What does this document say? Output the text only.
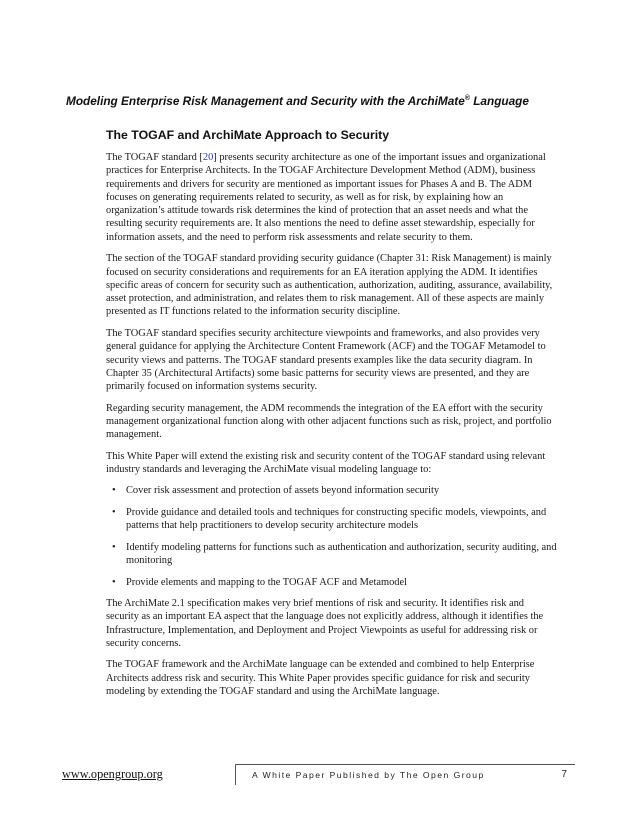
Modeling Enterprise Risk Management and Security with the ArchiMate® Language
The TOGAF and ArchiMate Approach to Security

The TOGAF standard [20] presents security architecture as one of the important issues and organizational practices for Enterprise Architects. In the TOGAF Architecture Development Method (ADM), business requirements and drivers for security are mentioned as important issues for Phases A and B. The ADM focuses on generating requirements related to security, as well as for risk, by explaining how an organization’s attitude towards risk determines the kind of protection that an asset needs and what the resulting security requirements are. It also mentions the need to define asset stewardship, especially for information assets, and the need to perform risk assessments and relate security to them.

The section of the TOGAF standard providing security guidance (Chapter 31: Risk Management) is mainly focused on security considerations and requirements for an EA iteration applying the ADM. It identifies specific areas of concern for security such as authentication, authorization, auditing, assurance, availability, asset protection, and administration, and relates them to risk management. All of these aspects are mainly presented as IT functions related to the information security discipline.

The TOGAF standard specifies security architecture viewpoints and frameworks, and also provides very general guidance for applying the Architecture Content Framework (ACF) and the TOGAF Metamodel to security views and patterns. The TOGAF standard presents examples like the data security diagram. In Chapter 35 (Architectural Artifacts) some basic patterns for security views are presented, and they are primarily focused on information systems security.

Regarding security management, the ADM recommends the integration of the EA effort with the security management organizational function along with other adjacent functions such as risk, project, and portfolio management.

This White Paper will extend the existing risk and security content of the TOGAF standard using relevant industry standards and leveraging the ArchiMate visual modeling language to:

• Cover risk assessment and protection of assets beyond information security
• Provide guidance and detailed tools and techniques for constructing specific models, viewpoints, and patterns that help practitioners to develop security architecture models
• Identify modeling patterns for functions such as authentication and authorization, security auditing, and monitoring
• Provide elements and mapping to the TOGAF ACF and Metamodel

The ArchiMate 2.1 specification makes very brief mentions of risk and security. It identifies risk and security as an important EA aspect that the language does not explicitly address, although it identifies the Infrastructure, Implementation, and Deployment and Project Viewpoints as useful for addressing risk or security concerns.

The TOGAF framework and the ArchiMate language can be extended and combined to help Enterprise Architects address risk and security. This White Paper provides specific guidance for risk and security modeling by extending the TOGAF standard and using the ArchiMate language.

www.opengroup.org	A White Paper Published by The Open Group	7
